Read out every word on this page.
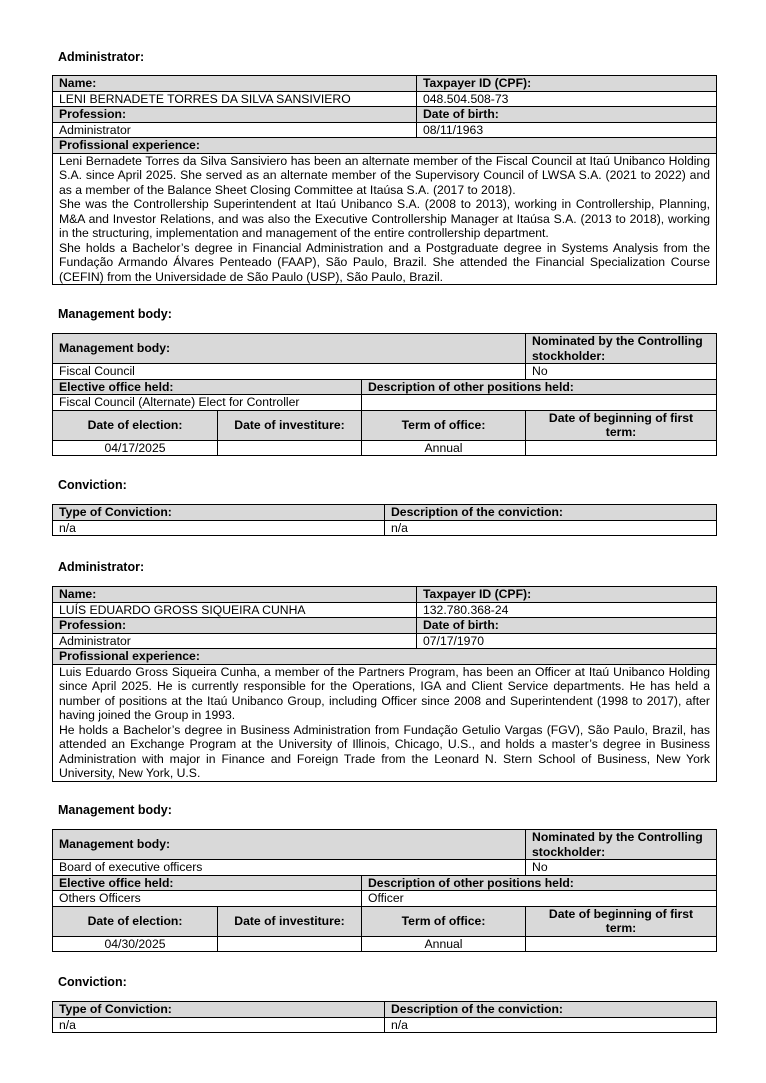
Administrator:
Name:	Taxpayer ID (CPF):
LENI BERNADETE TORRES DA SILVA SANSIVIERO	048.504.508-73
Profession:	Date of birth:
Administrator	08/11/1963
Profissional experience:	

Leni Bernadete Torres da Silva Sansiviero has been an alternate member of the Fiscal Council at Itaú Unibanco Holding S.A. since April 2025. She served as an alternate member of the Supervisory Council of LWSA S.A. (2021 to 2022) and as a member of the Balance Sheet Closing Committee at Itaúsa S.A. (2017 to 2018).

She was the Controllership Superintendent at Itaú Unibanco S.A. (2008 to 2013), working in Controllership, Planning, M&A and Investor Relations, and was also the Executive Controllership Manager at Itaúsa S.A. (2013 to 2018), working in the structuring, implementation and management of the entire controllership department.

She holds a Bachelor’s degree in Financial Administration and a Postgraduate degree in Systems Analysis from the Fundação Armando Álvares Penteado (FAAP), São Paulo, Brazil. She attended the Financial Specialization Course (CEFIN) from the Universidade de São Paulo (USP), São Paulo, Brazil.	

Management body:
Management body:			Nominated by the Controlling stockholder:
Fiscal Council			No
Elective office held:		Description of other positions held:	
Fiscal Council (Alternate) Elect for Controller			
Date of election:	Date of investiture:	Term of office:	Date of beginning of first term:
04/17/2025		Annual	
Conviction:
Type of Conviction:	Description of the conviction:
n/a	n/a
Administrator:
Name:	Taxpayer ID (CPF):
LUÍS EDUARDO GROSS SIQUEIRA CUNHA	132.780.368-24
Profession:	Date of birth:
Administrator	07/17/1970
Profissional experience:	

Luis Eduardo Gross Siqueira Cunha, a member of the Partners Program, has been an Officer at Itaú Unibanco Holding since April 2025. He is currently responsible for the Operations, IGA and Client Service departments. He has held a number of positions at the Itaú Unibanco Group, including Officer since 2008 and Superintendent (1998 to 2017), after having joined the Group in 1993.

He holds a Bachelor’s degree in Business Administration from Fundação Getulio Vargas (FGV), São Paulo, Brazil, has attended an Exchange Program at the University of Illinois, Chicago, U.S., and holds a master’s degree in Business Administration with major in Finance and Foreign Trade from the Leonard N. Stern School of Business, New York University, New York, U.S.	

Management body:
Management body:			Nominated by the Controlling stockholder:
Board of executive officers			No
Elective office held:		Description of other positions held:	
Others Officers		Officer	
Date of election:	Date of investiture:	Term of office:	Date of beginning of first term:
04/30/2025		Annual	
Conviction:
Type of Conviction:	Description of the conviction:
n/a	n/a
